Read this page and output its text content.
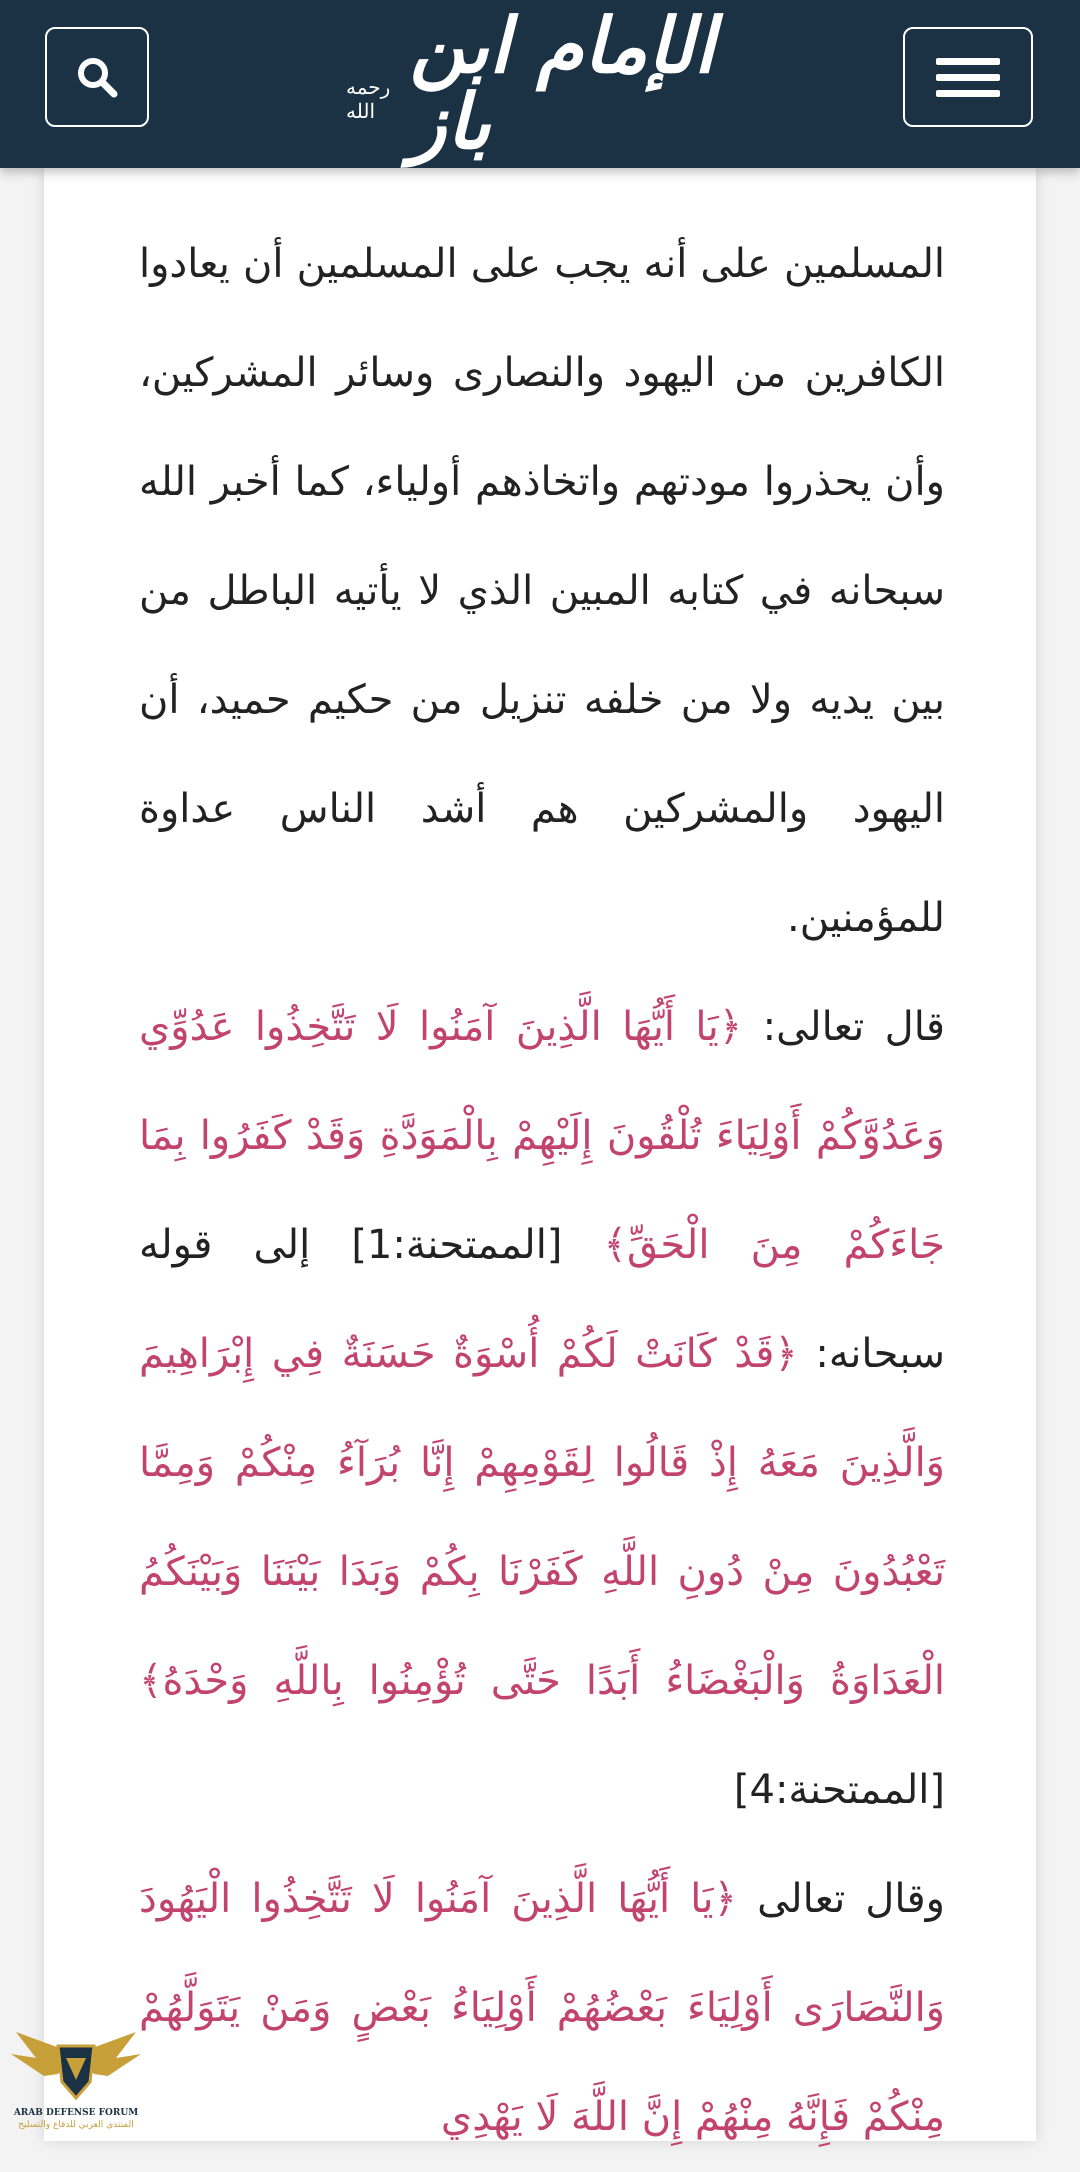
رحمه الله
الإمام ابن باز

المسلمين على أنه يجب على المسلمين أن يعادوا الكافرين من اليهود والنصارى وسائر المشركين، وأن يحذروا مودتهم واتخاذهم أولياء، كما أخبر الله سبحانه في كتابه المبين الذي لا يأتيه الباطل من بين يديه ولا من خلفه تنزيل من حكيم حميد، أن اليهود والمشركين هم أشد الناس عداوة للمؤمنين.

قال تعالى: ﴿يَا أَيُّهَا الَّذِينَ آمَنُوا لَا تَتَّخِذُوا عَدُوِّي وَعَدُوَّكُمْ أَوْلِيَاءَ تُلْقُونَ إِلَيْهِمْ بِالْمَوَدَّةِ وَقَدْ كَفَرُوا بِمَا جَاءَكُمْ مِنَ الْحَقِّ﴾ [الممتحنة:1] إلى قوله سبحانه: ﴿قَدْ كَانَتْ لَكُمْ أُسْوَةٌ حَسَنَةٌ فِي إِبْرَاهِيمَ وَالَّذِينَ مَعَهُ إِذْ قَالُوا لِقَوْمِهِمْ إِنَّا بُرَآءُ مِنْكُمْ وَمِمَّا تَعْبُدُونَ مِنْ دُونِ اللَّهِ كَفَرْنَا بِكُمْ وَبَدَا بَيْنَنَا وَبَيْنَكُمُ الْعَدَاوَةُ وَالْبَغْضَاءُ أَبَدًا حَتَّى تُؤْمِنُوا بِاللَّهِ وَحْدَهُ﴾ [الممتحنة:4]

وقال تعالى ﴿يَا أَيُّهَا الَّذِينَ آمَنُوا لَا تَتَّخِذُوا الْيَهُودَ وَالنَّصَارَى أَوْلِيَاءَ بَعْضُهُمْ أَوْلِيَاءُ بَعْضٍ وَمَنْ يَتَوَلَّهُمْ مِنْكُمْ فَإِنَّهُ مِنْهُمْ إِنَّ اللَّهَ لَا يَهْدِي

ARAB DEFENSE FORUM
المنتدى العربي للدفاع والتسليح
